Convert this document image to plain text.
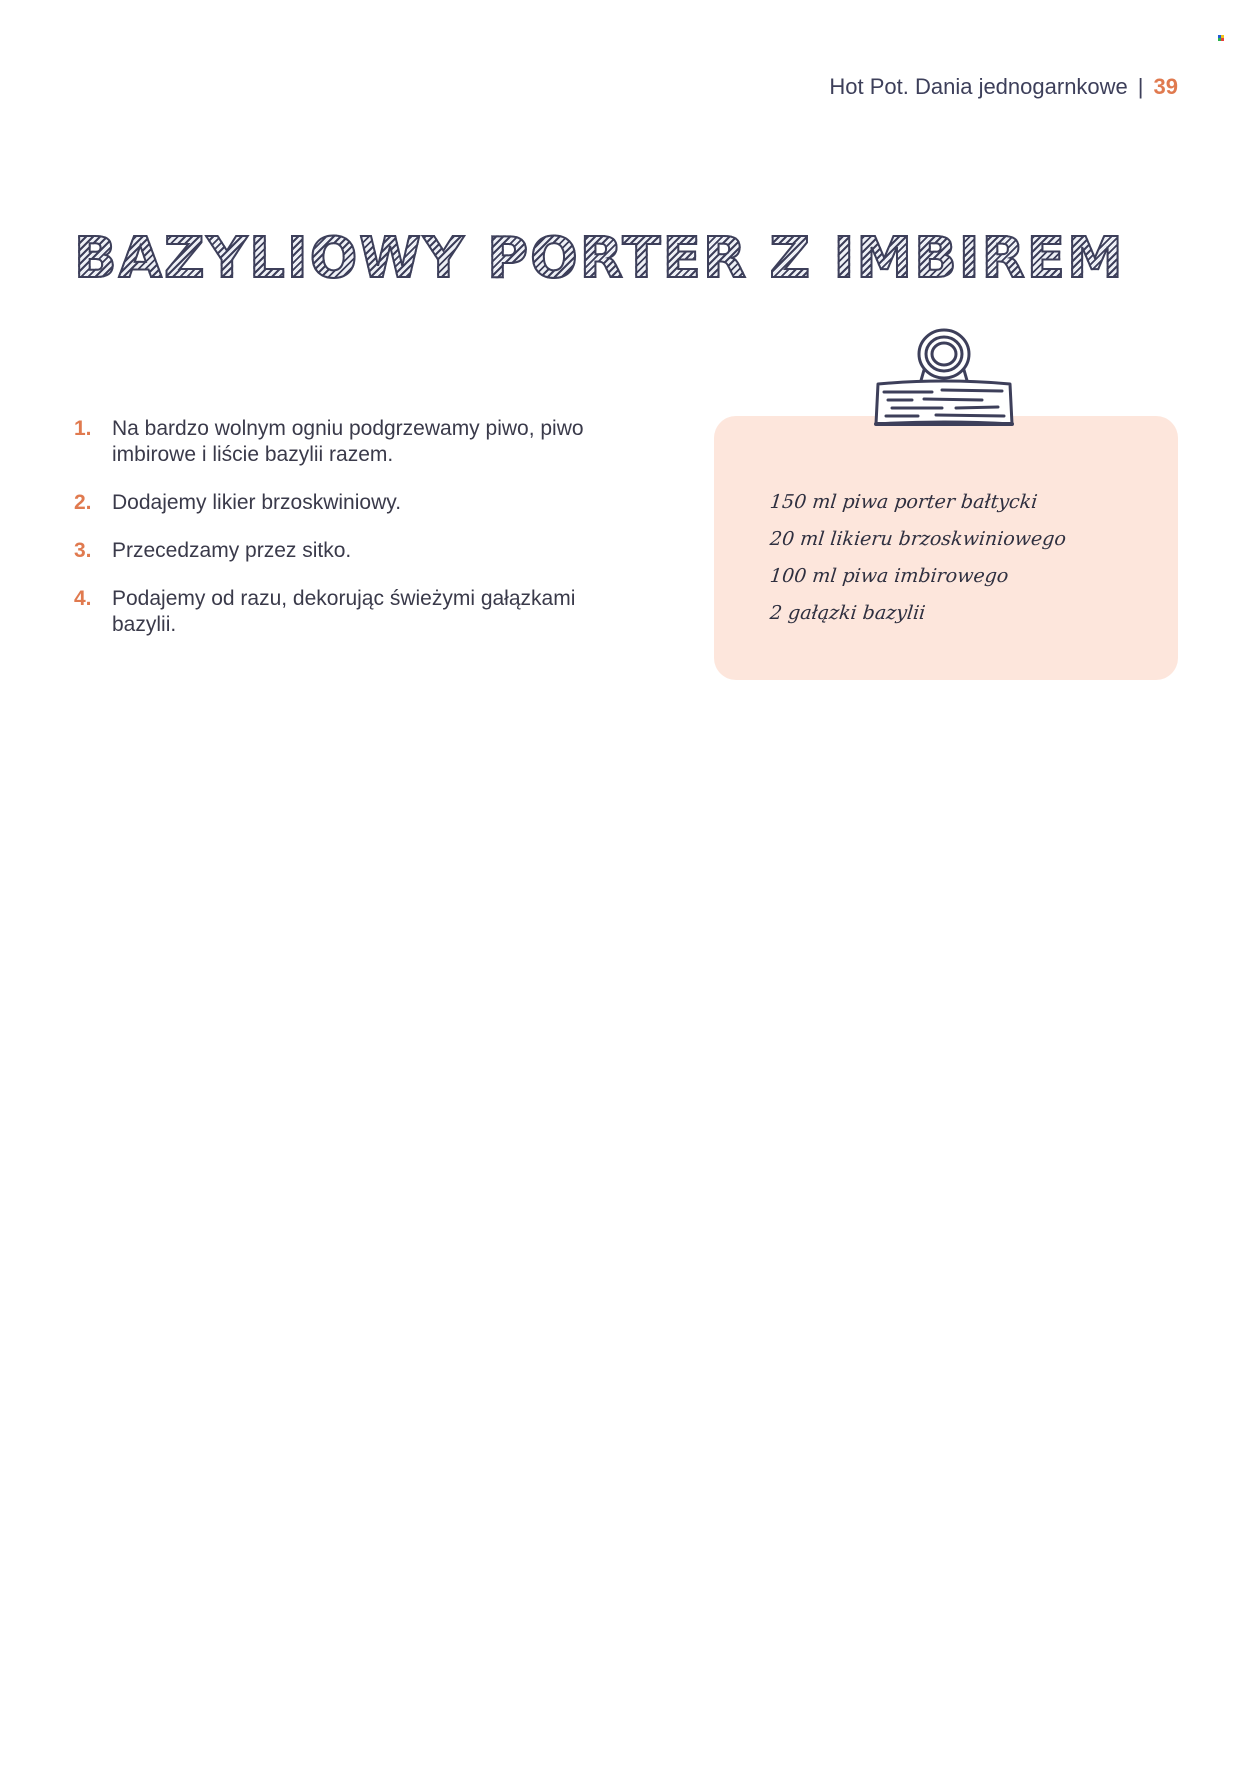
Hot Pot. Dania jednogarnkowe | 39
BAZYLIOWY PORTER Z IMBIREM
1. Na bardzo wolnym ogniu podgrzewamy piwo, piwo imbirowe i liście bazylii razem.
2. Dodajemy likier brzoskwiniowy.
3. Przecedzamy przez sitko.
4. Podajemy od razu, dekorując świeżymi gałązkami bazylii.
150 ml piwa porter bałtycki
20 ml likieru brzoskwiniowego
100 ml piwa imbirowego
2 gałązki bazylii
